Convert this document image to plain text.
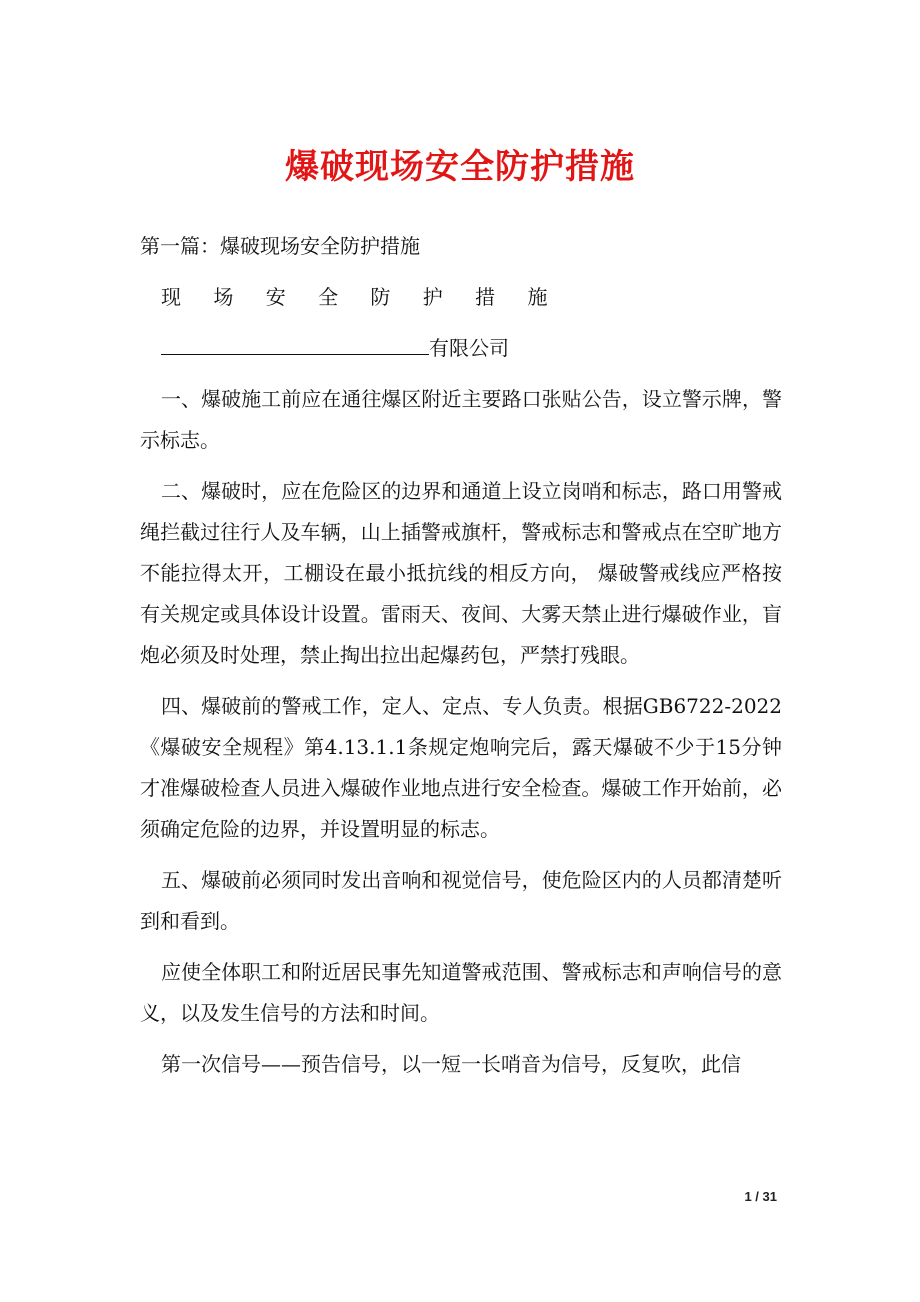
爆破现场安全防护措施

第一篇：爆破现场安全防护措施

现 场 安 全 防 护 措 施

有限公司

一、爆破施工前应在通往爆区附近主要路口张贴公告，设立警示牌，警示标志。

二、爆破时，应在危险区的边界和通道上设立岗哨和标志，路口用警戒绳拦截过往行人及车辆，山上插警戒旗杆，警戒标志和警戒点在空旷地方不能拉得太开，工棚设在最小抵抗线的相反方向， 爆破警戒线应严格按有关规定或具体设计设置。雷雨天、夜间、大雾天禁止进行爆破作业，盲炮必须及时处理，禁止掏出拉出起爆药包，严禁打残眼。

四、爆破前的警戒工作，定人、定点、专人负责。根据GB6722-2022《爆破安全规程》第4.13.1.1条规定炮响完后，露天爆破不少于15分钟才准爆破检查人员进入爆破作业地点进行安全检查。爆破工作开始前，必须确定危险的边界，并设置明显的标志。

五、爆破前必须同时发出音响和视觉信号，使危险区内的人员都清楚听到和看到。

应使全体职工和附近居民事先知道警戒范围、警戒标志和声响信号的意义，以及发生信号的方法和时间。

第一次信号——预告信号，以一短一长哨音为信号，反复吹，此信

1 / 31
